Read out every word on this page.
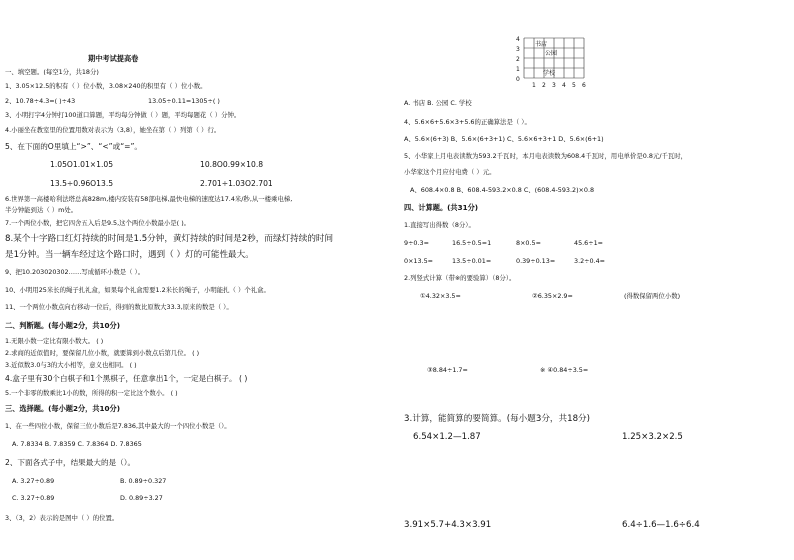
期中考试提高卷
一、填空题。(每空1分，共18分)
1、3.05×12.5的积有（ ）位小数，3.08×240的积里有（ ）位小数。
2、10.78÷4.3=( )÷43	13.05÷0.11=1305÷( )
3、小明打字4分钟打100道口算题，平均每分钟做（ ）题，平均每题花（ ）分钟。
4.小丽坐在教室里的位置用数对表示为（3,8），她坐在第（ ）列第（ ）行。
5、在下面的O里填上“>”、“<”或“=”。
1.05O1.01×1.05	10.8O0.99×10.8
13.5÷0.96O13.5	2.701÷1.03O2.701
6.世界第一高楼哈利法塔总高828m,楼内安装有58部电梯,最快电梯的速度达17.4米/秒,从一楼乘电梯,
半分钟能到达（ ）m处。
7.一个两位小数，把它四舍五入后是9.5,这个两位小数最小是( )。
8.某个十字路口红灯持续的时间是1.5分钟，黄灯持续的时间是2秒，而绿灯持续的时间
是1分钟。当一辆车经过这个路口时，遇到（ ）灯的可能性最大。
9、把10.203020302……写成循环小数是（ ）。
10、小明用25米长的绳子扎礼盒，如果每个礼盒需要1.2米长的绳子，小明能扎（ ）个礼盒。
11、一个两位小数点向右移动一位后，得到的数比原数大33.3,原来的数是（ ）。
二、判断题。(每小题2分，共10分)
1.无限小数一定比有限小数大。 ( )
2.求商的近似值时，要保留几位小数，就要算到小数点后第几位。 ( )
3.近似数3.0与3的大小相等，意义也相同。 ( )
4.盒子里有30个白棋子和1个黑棋子，任意拿出1个，一定是白棋子。 ( )
5.一个非零的数乘比1小的数，所得的积一定比这个数小。 ( )
三、选择题。(每小题2分，共10分)
1、在一些四位小数，保留三位小数后是7.836,其中最大的一个四位小数是（）。
A. 7.8334 B. 7.8359 C. 7.8364 D. 7.8365
2、下面各式子中，结果最大的是（）。
A. 3.27÷0.89	B. 0.89÷0.327
C. 3.27÷0.89	D. 0.89÷3.27
3、（3，2）表示的是图中（ ）的位置。
4
3
2
1
0
1 2 3 4 5 6
书店
公园
学校
A. 书店 B. 公园 C. 学校
4、5.6×6+5.6×3+5.6的正确算法是（ ）。
A、5.6×(6+3) B、5.6×(6+3+1) C、5.6×6+3+1 D、5.6×(6+1)
5、小华家上月电表读数为593.2千瓦时，本月电表读数为608.4千瓦时，用电单价是0.8元/千瓦时，
小华家这个月应付电费（ ）元。
A、608.4×0.8 B、608.4-593.2×0.8 C、(608.4-593.2)×0.8
四、计算题。(共31分)
1.直接写出得数（8分）。
9÷0.3=	16.5÷0.5=1	8×0.5=	45.6÷1=
0×13.5=	13.5÷0.01=	0.39÷0.13=	3.2÷0.4=
2.列竖式计算（带※的要验算）（8分）。
①4.32×3.5=	②6.35×2.9=	(得数保留两位小数)
③8.84÷1.7=	※ ④0.84÷3.5=
3.计算，能简算的要简算。(每小题3分，共18分)
6.54×1.2—1.87	1.25×3.2×2.5
3.91×5.7+4.3×3.91	6.4÷1.6—1.6÷6.4
